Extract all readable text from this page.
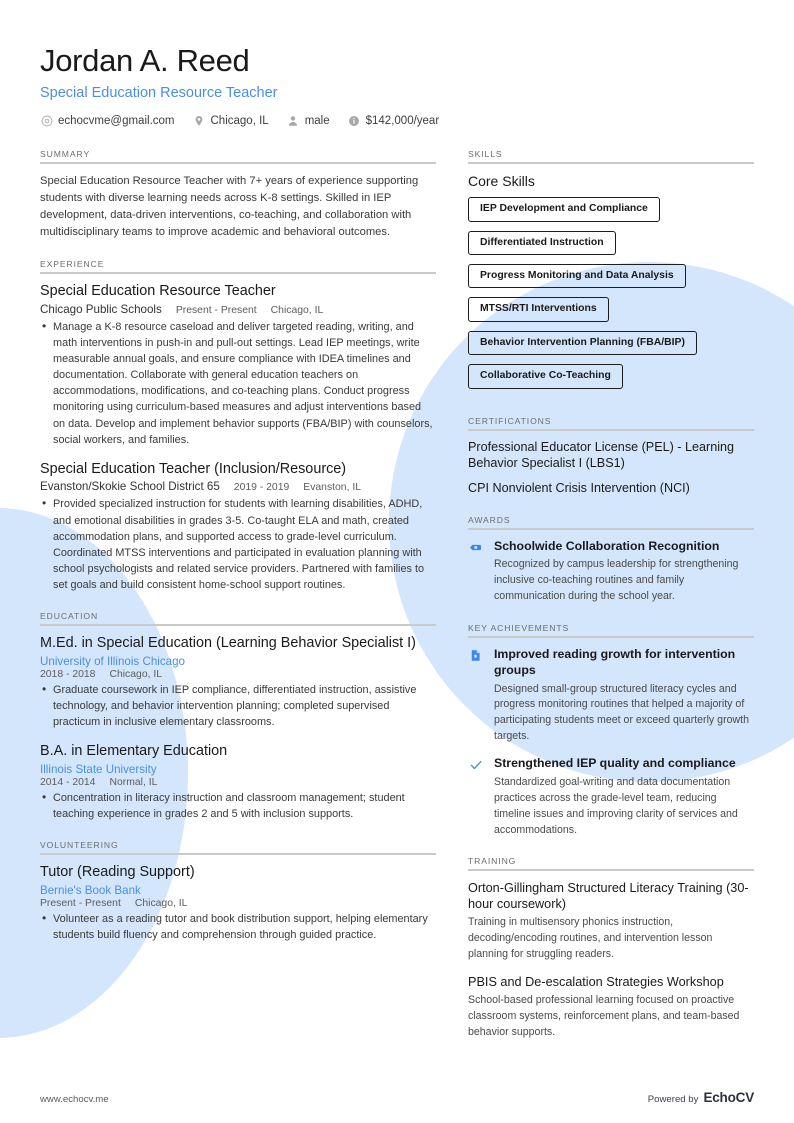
Jordan A. Reed
Special Education Resource Teacher
echocvme@gmail.com	Chicago, IL	male	$142,000/year
SUMMARY

Special Education Resource Teacher with 7+ years of experience supporting students with diverse learning needs across K-8 settings. Skilled in IEP development, data-driven interventions, co-teaching, and collaboration with multidisciplinary teams to improve academic and behavioral outcomes.

EXPERIENCE
Special Education Resource Teacher
Chicago Public Schools Present - Present Chicago, IL
• Manage a K-8 resource caseload and deliver targeted reading, writing, and math interventions in push-in and pull-out settings. Lead IEP meetings, write measurable annual goals, and ensure compliance with IDEA timelines and documentation. Collaborate with general education teachers on accommodations, modifications, and co-teaching plans. Conduct progress monitoring using curriculum-based measures and adjust interventions based on data. Develop and implement behavior supports (FBA/BIP) with counselors, social workers, and families.
Special Education Teacher (Inclusion/Resource)
Evanston/Skokie School District 65 2019 - 2019 Evanston, IL
• Provided specialized instruction for students with learning disabilities, ADHD, and emotional disabilities in grades 3-5. Co-taught ELA and math, created accommodation plans, and supported access to grade-level curriculum. Coordinated MTSS interventions and participated in evaluation planning with school psychologists and related service providers. Partnered with families to set goals and build consistent home-school support routines.
EDUCATION
M.Ed. in Special Education (Learning Behavior Specialist I)
University of Illinois Chicago
2018 - 2018 Chicago, IL
• Graduate coursework in IEP compliance, differentiated instruction, assistive technology, and behavior intervention planning; completed supervised practicum in inclusive elementary classrooms.
B.A. in Elementary Education
Illinois State University
2014 - 2014 Normal, IL
• Concentration in literacy instruction and classroom management; student teaching experience in grades 2 and 5 with inclusion supports.
VOLUNTEERING
Tutor (Reading Support)
Bernie's Book Bank
Present - Present Chicago, IL
• Volunteer as a reading tutor and book distribution support, helping elementary students build fluency and comprehension through guided practice.
SKILLS
Core Skills
IEP Development and Compliance
Differentiated Instruction
Progress Monitoring and Data Analysis
MTSS/RTI Interventions
Behavior Intervention Planning (FBA/BIP)
Collaborative Co-Teaching
CERTIFICATIONS
Professional Educator License (PEL) - Learning Behavior Specialist I (LBS1)
CPI Nonviolent Crisis Intervention (NCI)
AWARDS
Schoolwide Collaboration Recognition

Recognized by campus leadership for strengthening inclusive co-teaching routines and family communication during the school year.

KEY ACHIEVEMENTS
Improved reading growth for intervention groups

Designed small-group structured literacy cycles and progress monitoring routines that helped a majority of participating students meet or exceed quarterly growth targets.

Strengthened IEP quality and compliance

Standardized goal-writing and data documentation practices across the grade-level team, reducing timeline issues and improving clarity of services and accommodations.

TRAINING
Orton-Gillingham Structured Literacy Training (30-hour coursework)

Training in multisensory phonics instruction, decoding/encoding routines, and intervention lesson planning for struggling readers.

PBIS and De-escalation Strategies Workshop

School-based professional learning focused on proactive classroom systems, reinforcement plans, and team-based behavior supports.

www.echocv.me	Powered by EchoCV
